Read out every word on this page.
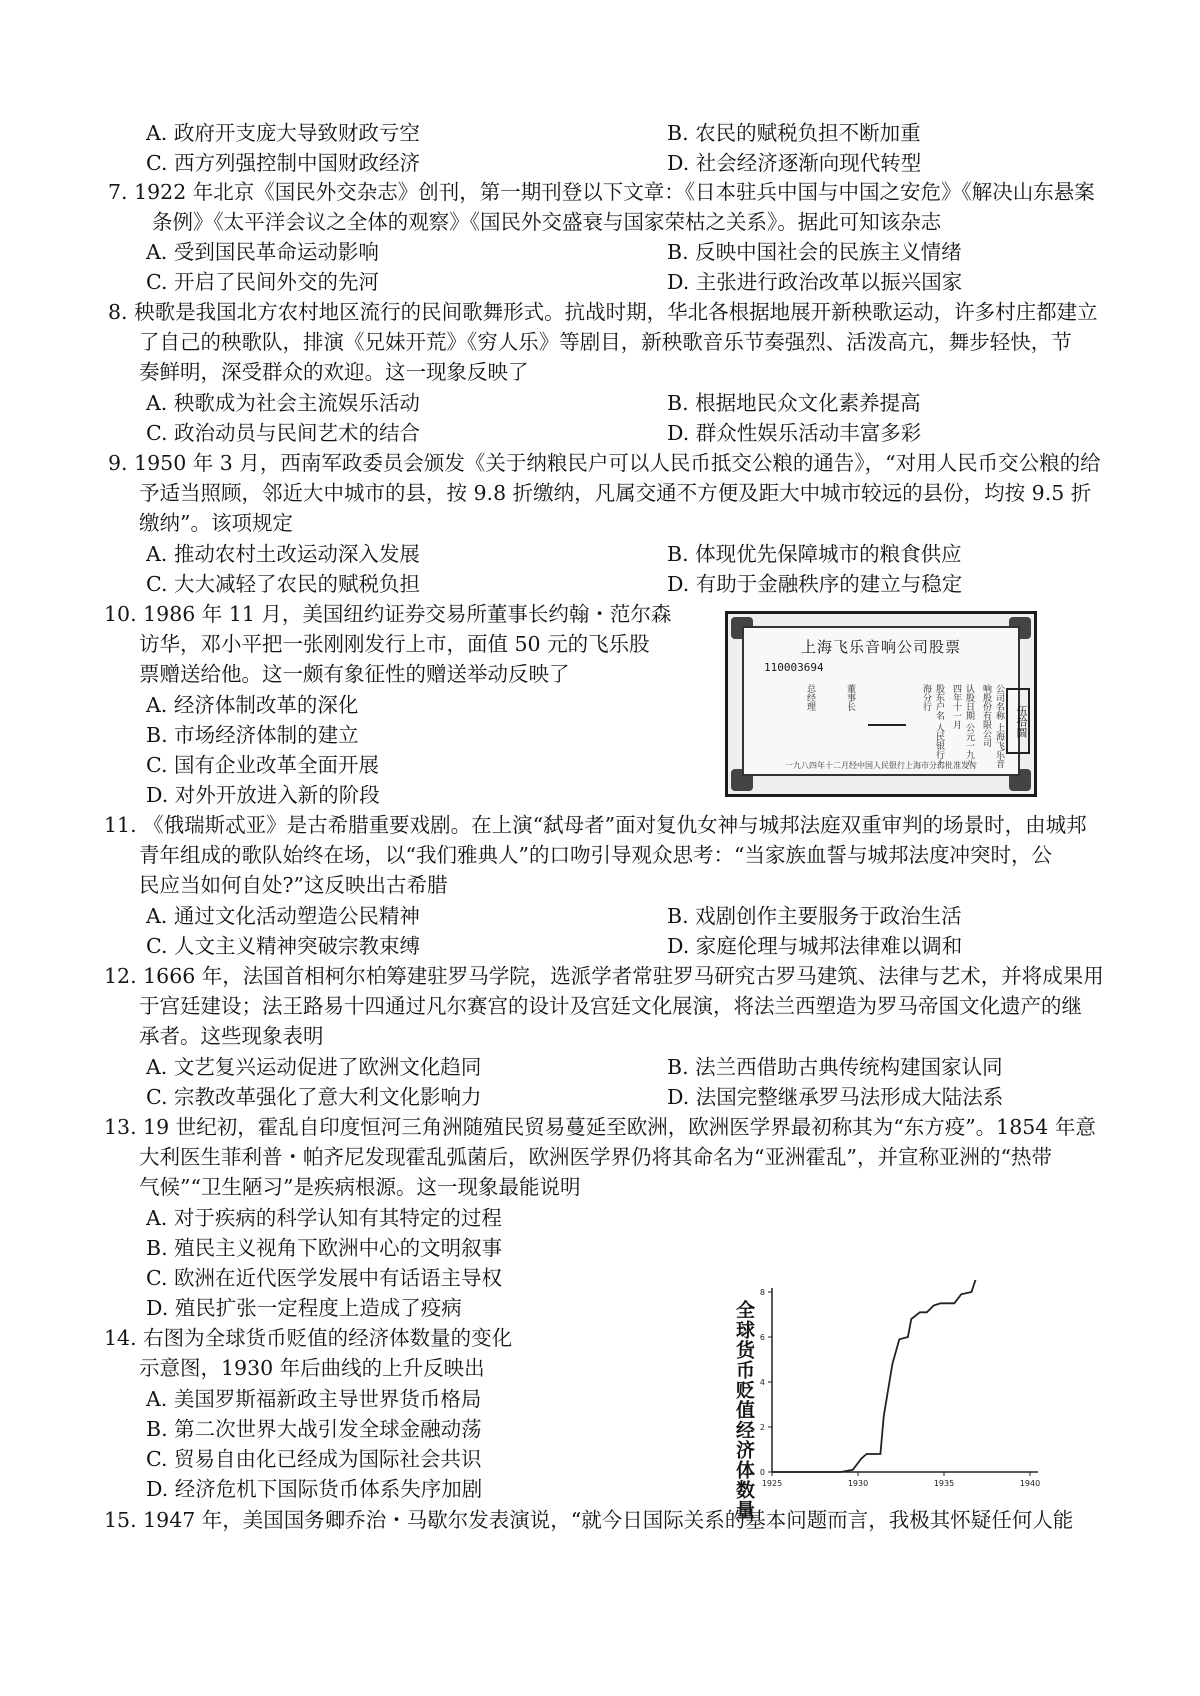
A. 政府开支庞大导致财政亏空	B. 农民的赋税负担不断加重
C. 西方列强控制中国财政经济	D. 社会经济逐渐向现代转型
7. 1922 年北京《国民外交杂志》创刊，第一期刊登以下文章：《日本驻兵中国与中国之安危》《解决山东悬案
条例》《太平洋会议之全体的观察》《国民外交盛衰与国家荣枯之关系》。据此可知该杂志
A. 受到国民革命运动影响	B. 反映中国社会的民族主义情绪
C. 开启了民间外交的先河	D. 主张进行政治改革以振兴国家
8. 秧歌是我国北方农村地区流行的民间歌舞形式。抗战时期，华北各根据地展开新秧歌运动，许多村庄都建立
了自己的秧歌队，排演《兄妹开荒》《穷人乐》等剧目，新秧歌音乐节奏强烈、活泼高亢，舞步轻快，节
奏鲜明，深受群众的欢迎。这一现象反映了
A. 秧歌成为社会主流娱乐活动	B. 根据地民众文化素养提高
C. 政治动员与民间艺术的结合	D. 群众性娱乐活动丰富多彩
9. 1950 年 3 月，西南军政委员会颁发《关于纳粮民户可以人民币抵交公粮的通告》，“对用人民币交公粮的给
予适当照顾，邻近大中城市的县，按 9.8 折缴纳，凡属交通不方便及距大中城市较远的县份，均按 9.5 折
缴纳”。该项规定
A. 推动农村土改运动深入发展	B. 体现优先保障城市的粮食供应
C. 大大减轻了农民的赋税负担	D. 有助于金融秩序的建立与稳定
10. 1986 年 11 月，美国纽约证券交易所董事长约翰・范尔森
访华，邓小平把一张刚刚发行上市，面值 50 元的飞乐股
票赠送给他。这一颇有象征性的赠送举动反映了
A. 经济体制改革的深化
B. 市场经济体制的建立
C. 国有企业改革全面开展
D. 对外开放进入新的阶段
上海飞乐音响公司股票
110003694
公司名称 上海飞乐音响股份有限公司
认股日期 公元一九八四年十一月
股东户名 人民银行上海分行
董事长
总经理
伍拾圆
一九八四年十二月经中国人民银行上海市分行批准发行
11. 《俄瑞斯忒亚》是古希腊重要戏剧。在上演“弑母者”面对复仇女神与城邦法庭双重审判的场景时，由城邦
青年组成的歌队始终在场，以“我们雅典人”的口吻引导观众思考：“当家族血誓与城邦法度冲突时，公
民应当如何自处?”这反映出古希腊
A. 通过文化活动塑造公民精神	B. 戏剧创作主要服务于政治生活
C. 人文主义精神突破宗教束缚	D. 家庭伦理与城邦法律难以调和
12. 1666 年，法国首相柯尔柏筹建驻罗马学院，选派学者常驻罗马研究古罗马建筑、法律与艺术，并将成果用
于宫廷建设；法王路易十四通过凡尔赛宫的设计及宫廷文化展演，将法兰西塑造为罗马帝国文化遗产的继
承者。这些现象表明
A. 文艺复兴运动促进了欧洲文化趋同	B. 法兰西借助古典传统构建国家认同
C. 宗教改革强化了意大利文化影响力	D. 法国完整继承罗马法形成大陆法系
13. 19 世纪初，霍乱自印度恒河三角洲随殖民贸易蔓延至欧洲，欧洲医学界最初称其为“东方疫”。1854 年意
大利医生菲利普・帕齐尼发现霍乱弧菌后，欧洲医学界仍将其命名为“亚洲霍乱”，并宣称亚洲的“热带
气候”“卫生陋习”是疾病根源。这一现象最能说明
A. 对于疾病的科学认知有其特定的过程
B. 殖民主义视角下欧洲中心的文明叙事
C. 欧洲在近代医学发展中有话语主导权
D. 殖民扩张一定程度上造成了疫病
14. 右图为全球货币贬值的经济体数量的变化
示意图，1930 年后曲线的上升反映出
A. 美国罗斯福新政主导世界货币格局
B. 第二次世界大战引发全球金融动荡
C. 贸易自由化已经成为国际社会共识
D. 经济危机下国际货币体系失序加剧	全球货币贬值经济体数量 0
2
4
6
8
1925	1930	1935	1940
15. 1947 年，美国国务卿乔治・马歇尔发表演说，“就今日国际关系的基本问题而言，我极其怀疑任何人能
